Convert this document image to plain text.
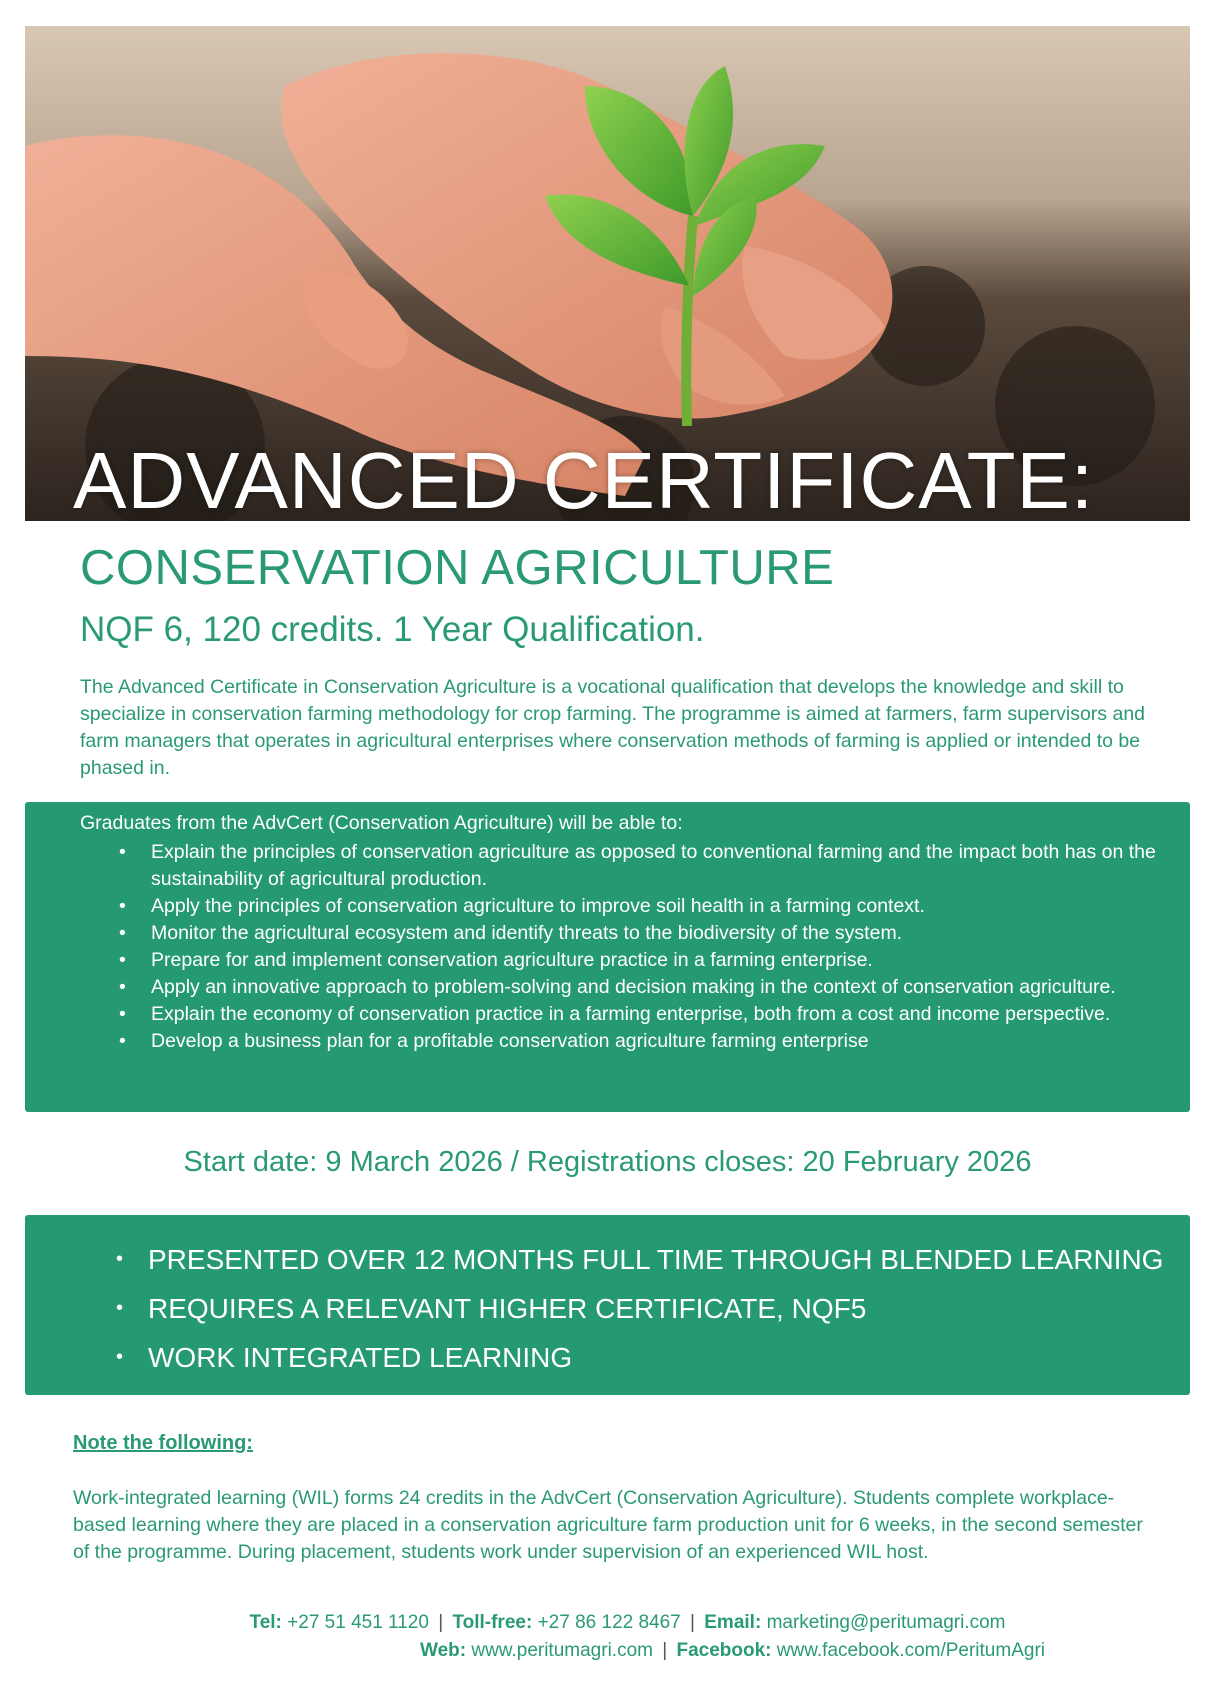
ADVANCED CERTIFICATE:
CONSERVATION AGRICULTURE
NQF 6, 120 credits. 1 Year Qualification.

The Advanced Certificate in Conservation Agriculture is a vocational qualification that develops the knowledge and skill to specialize in conservation farming methodology for crop farming. The programme is aimed at farmers, farm supervisors and farm managers that operates in agricultural enterprises where conservation methods of farming is applied or intended to be phased in.

Graduates from the AdvCert (Conservation Agriculture) will be able to:
• Explain the principles of conservation agriculture as opposed to conventional farming and the impact both has on the sustainability of agricultural production.
• Apply the principles of conservation agriculture to improve soil health in a farming context.
• Monitor the agricultural ecosystem and identify threats to the biodiversity of the system.
• Prepare for and implement conservation agriculture practice in a farming enterprise.
• Apply an innovative approach to problem-solving and decision making in the context of conservation agriculture.
• Explain the economy of conservation practice in a farming enterprise, both from a cost and income perspective.
• Develop a business plan for a profitable conservation agriculture farming enterprise
Start date: 9 March 2026 / Registrations closes: 20 February 2026
• PRESENTED OVER 12 MONTHS FULL TIME THROUGH BLENDED LEARNING
• REQUIRES A RELEVANT HIGHER CERTIFICATE, NQF5
• WORK INTEGRATED LEARNING
Note the following:

Work-integrated learning (WIL) forms 24 credits in the AdvCert (Conservation Agriculture). Students complete workplace-based learning where they are placed in a conservation agriculture farm production unit for 6 weeks, in the second semester of the programme. During placement, students work under supervision of an experienced WIL host.

Tel: +27 51 451 1120 | Toll-free: +27 86 122 8467 | Email: marketing@peritumagri.com
Web: www.peritumagri.com | Facebook: www.facebook.com/PeritumAgri
